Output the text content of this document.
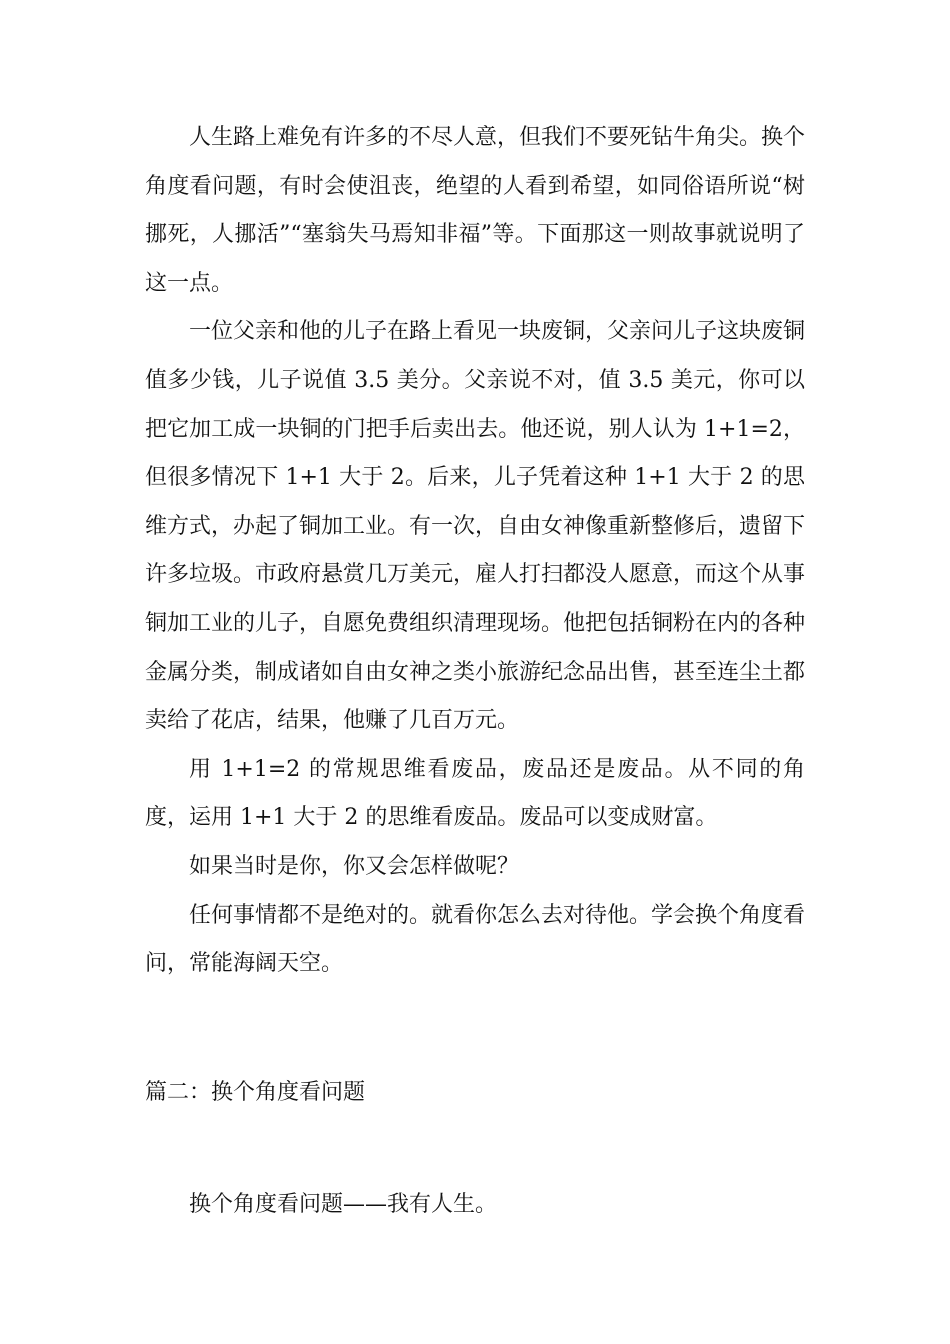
人生路上难免有许多的不尽人意，但我们不要死钻牛角尖。换个角度看问题，有时会使沮丧，绝望的人看到希望，如同俗语所说“树挪死，人挪活”“塞翁失马焉知非福”等。下面那这一则故事就说明了这一点。

一位父亲和他的儿子在路上看见一块废铜，父亲问儿子这块废铜值多少钱，儿子说值 3.5 美分。父亲说不对，值 3.5 美元，你可以把它加工成一块铜的门把手后卖出去。他还说，别人认为 1+1=2，但很多情况下 1+1 大于 2。后来，儿子凭着这种 1+1 大于 2 的思维方式，办起了铜加工业。有一次，自由女神像重新整修后，遗留下许多垃圾。市政府悬赏几万美元，雇人打扫都没人愿意，而这个从事铜加工业的儿子，自愿免费组织清理现场。他把包括铜粉在内的各种金属分类，制成诸如自由女神之类小旅游纪念品出售，甚至连尘土都卖给了花店，结果，他赚了几百万元。

用 1+1=2 的常规思维看废品，废品还是废品。从不同的角度，运用 1+1 大于 2 的思维看废品。废品可以变成财富。

如果当时是你，你又会怎样做呢？

任何事情都不是绝对的。就看你怎么去对待他。学会换个角度看问，常能海阔天空。

篇二：换个角度看问题

换个角度看问题——我有人生。
